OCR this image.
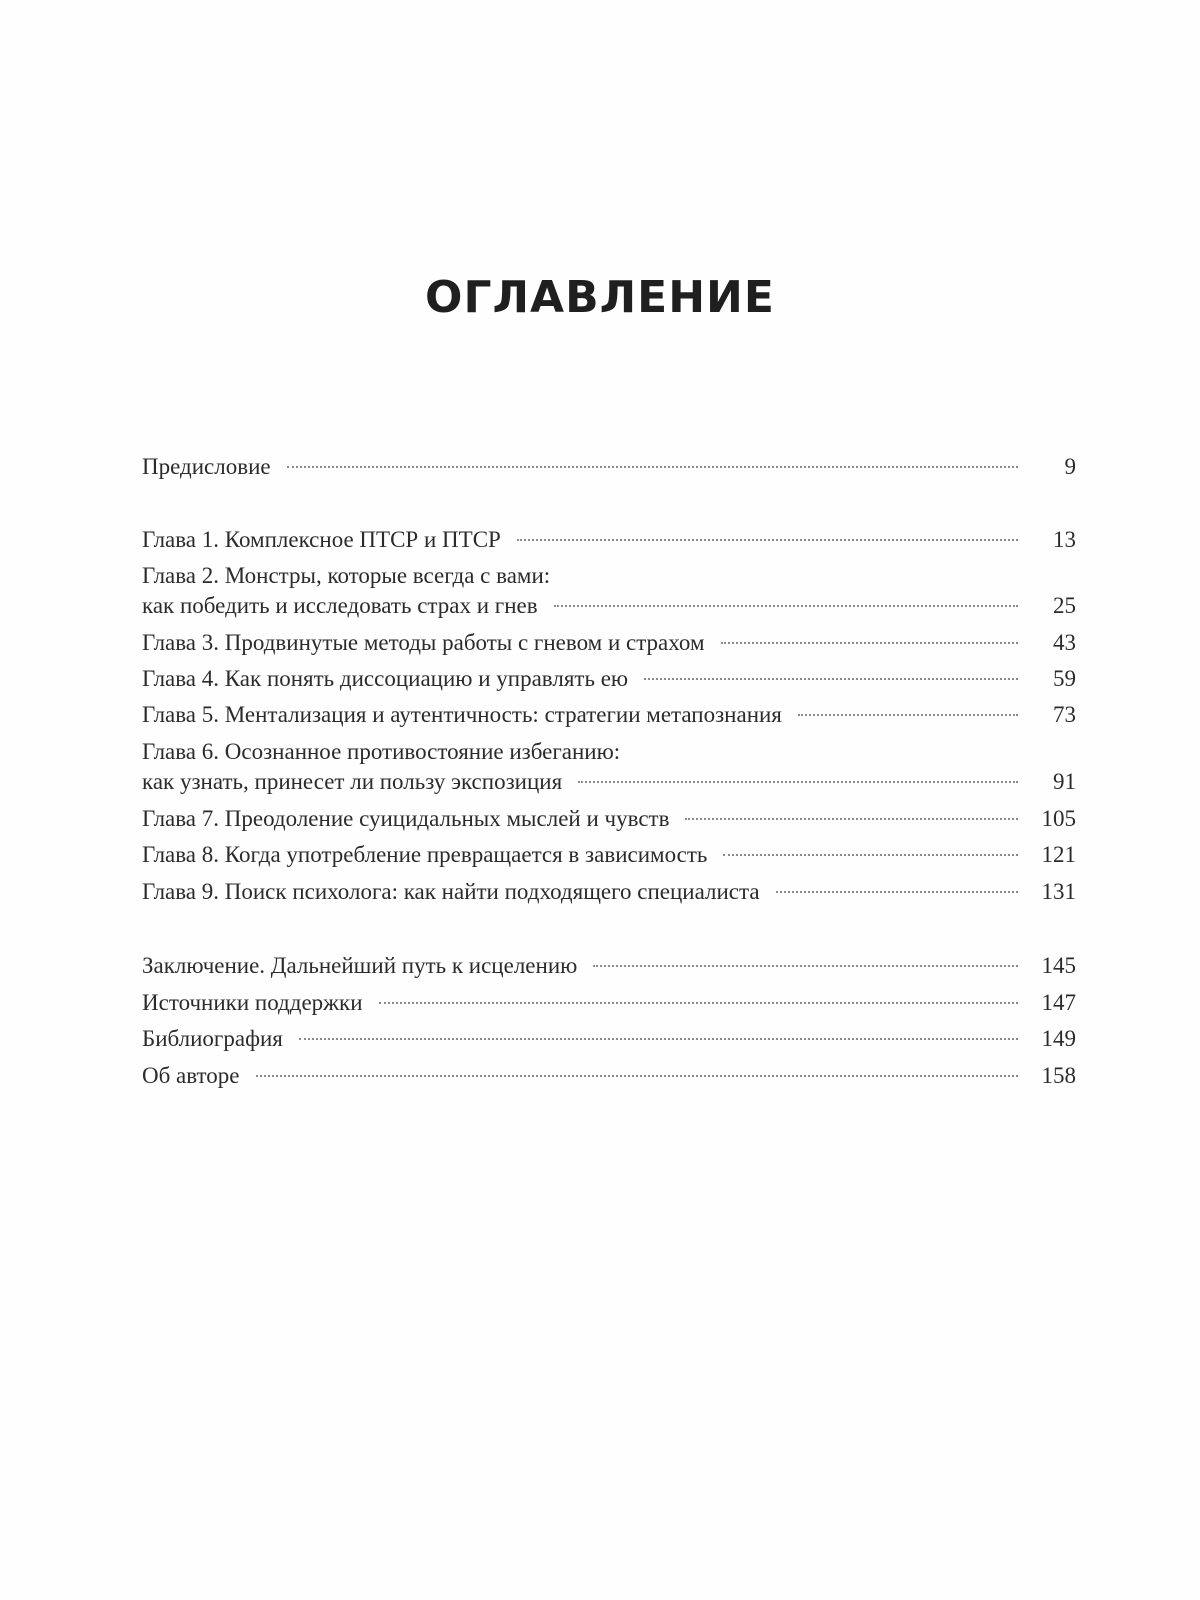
ОГЛАВЛЕНИЕ
Предисловие	9
Глава 1. Комплексное ПТСР и ПТСР	13
Глава 2. Монстры, которые всегда с вами:
как победить и исследовать страх и гнев	25
Глава 3. Продвинутые методы работы с гневом и страхом	43
Глава 4. Как понять диссоциацию и управлять ею	59
Глава 5. Ментализация и аутентичность: стратегии метапознания	73
Глава 6. Осознанное противостояние избеганию:
как узнать, принесет ли пользу экспозиция	91
Глава 7. Преодоление суицидальных мыслей и чувств	105
Глава 8. Когда употребление превращается в зависимость	121
Глава 9. Поиск психолога: как найти подходящего специалиста	131
Заключение. Дальнейший путь к исцелению	145
Источники поддержки	147
Библиография	149
Об авторе	158
